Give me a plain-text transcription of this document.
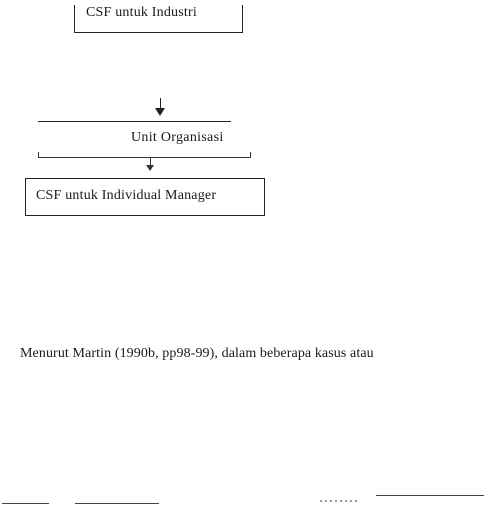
CSF untuk Industri
Unit Organisasi
CSF untuk Individual Manager
Menurut Martin (1990b, pp98-99), dalam beberapa kasus atau
